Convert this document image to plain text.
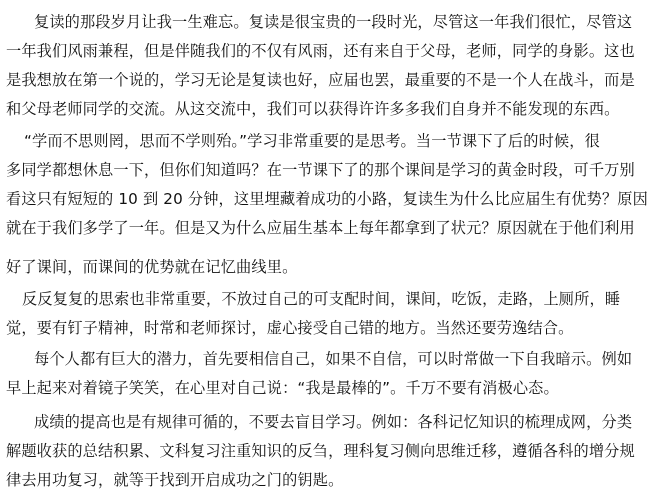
复读的那段岁月让我一生难忘。复读是很宝贵的一段时光，尽管这一年我们很忙，尽管这
一年我们风雨兼程，但是伴随我们的不仅有风雨，还有来自于父母，老师，同学的身影。这也
是我想放在第一个说的，学习无论是复读也好，应届也罢，最重要的不是一个人在战斗，而是
和父母老师同学的交流。从这交流中，我们可以获得许许多多我们自身并不能发现的东西。
“学而不思则罔，思而不学则殆。”学习非常重要的是思考。当一节课下了后的时候，很
多同学都想休息一下，但你们知道吗？在一节课下了的那个课间是学习的黄金时段，可千万别
看这只有短短的 10 到 20 分钟，这里埋藏着成功的小路，复读生为什么比应届生有优势？原因
就在于我们多学了一年。但是又为什么应届生基本上每年都拿到了状元？原因就在于他们利用
好了课间，而课间的优势就在记忆曲线里。
反反复复的思索也非常重要，不放过自己的可支配时间，课间，吃饭，走路，上厕所，睡
觉，要有钉子精神，时常和老师探讨，虚心接受自己错的地方。当然还要劳逸结合。
每个人都有巨大的潜力，首先要相信自己，如果不自信，可以时常做一下自我暗示。例如
早上起来对着镜子笑笑，在心里对自己说：“我是最棒的”。千万不要有消极心态。
成绩的提高也是有规律可循的，不要去盲目学习。例如：各科记忆知识的梳理成网，分类
解题收获的总结积累、文科复习注重知识的反刍，理科复习侧向思维迁移，遵循各科的增分规
律去用功复习，就等于找到开启成功之门的钥匙。
